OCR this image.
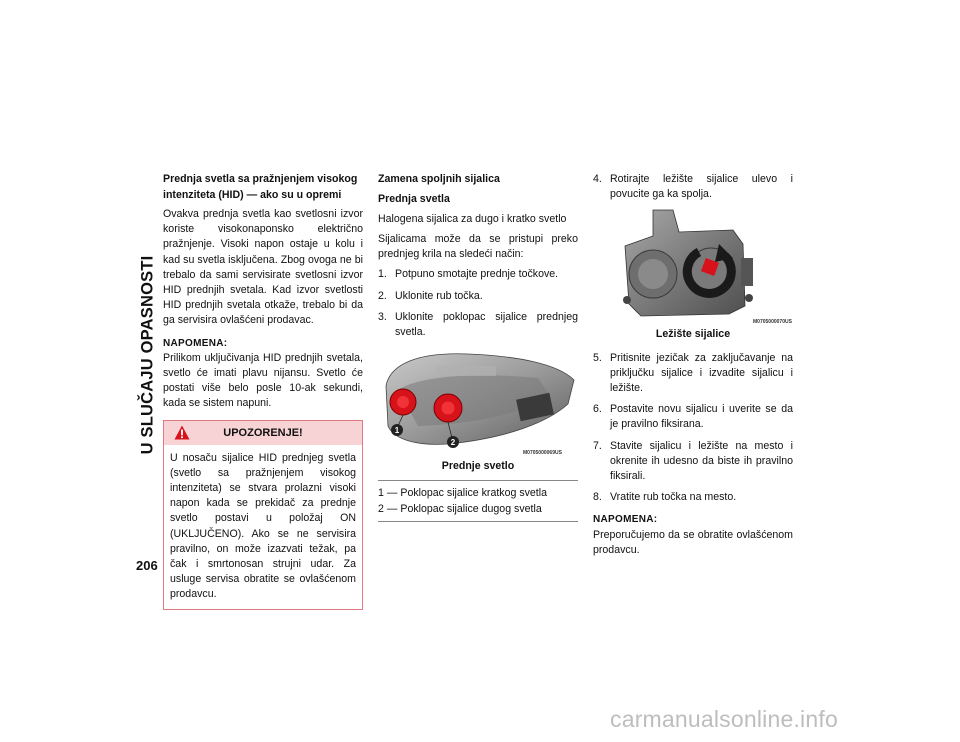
U SLUČAJU OPASNOSTI
206
Prednja svetla sa pražnjenjem visokog intenziteta (HID) — ako su u opremi

Ovakva prednja svetla kao svetlosni izvor koriste visokonaponsko električno pražnjenje. Visoki napon ostaje u kolu i kad su svetla isključena. Zbog ovoga ne bi trebalo da sami servisirate svetlosni izvor HID prednjih svetala. Kad izvor svetlosti HID prednjih svetala otkaže, trebalo bi da ga servisira ovlašćeni prodavac.

NAPOMENA:

Prilikom uključivanja HID prednjih svetala, svetlo će imati plavu nijansu. Svetlo će postati više belo posle 10-ak sekundi, kada se sistem napuni.

UPOZORENJE!
U nosaču sijalice HID prednjeg svetla (svetlo sa pražnjenjem visokog intenziteta) se stvara prolazni visoki napon kada se prekidač za prednje svetlo postavi u položaj ON (UKLJUČENO). Ako se ne servisira pravilno, on može izazvati težak, pa čak i smrtonosan strujni udar. Za usluge servisa obratite se ovlašćenom prodavcu.
Zamena spoljnih sijalica
Prednja svetla

Halogena sijalica za dugo i kratko svetlo

Sijalicama može da se pristupi preko prednjeg krila na sledeći način:

1. Potpuno smotajte prednje točkove.
2. Uklonite rub točka.
3. Uklonite poklopac sijalice prednjeg svetla.
1
2
M0705000069US
Prednje svetlo
1 — Poklopac sijalice kratkog svetla
2 — Poklopac sijalice dugog svetla
4. Rotirajte ležište sijalice ulevo i povucite ga ka spolja.
M0705000070US
Ležište sijalice
5. Pritisnite jezičak za zaključavanje na priključku sijalice i izvadite sijalicu i ležište.
6. Postavite novu sijalicu i uverite se da je pravilno fiksirana.
7. Stavite sijalicu i ležište na mesto i okrenite ih udesno da biste ih pravilno fiksirali.
8. Vratite rub točka na mesto.
NAPOMENA:

Preporučujemo da se obratite ovlašćenom prodavcu.

carmanualsonline.info
